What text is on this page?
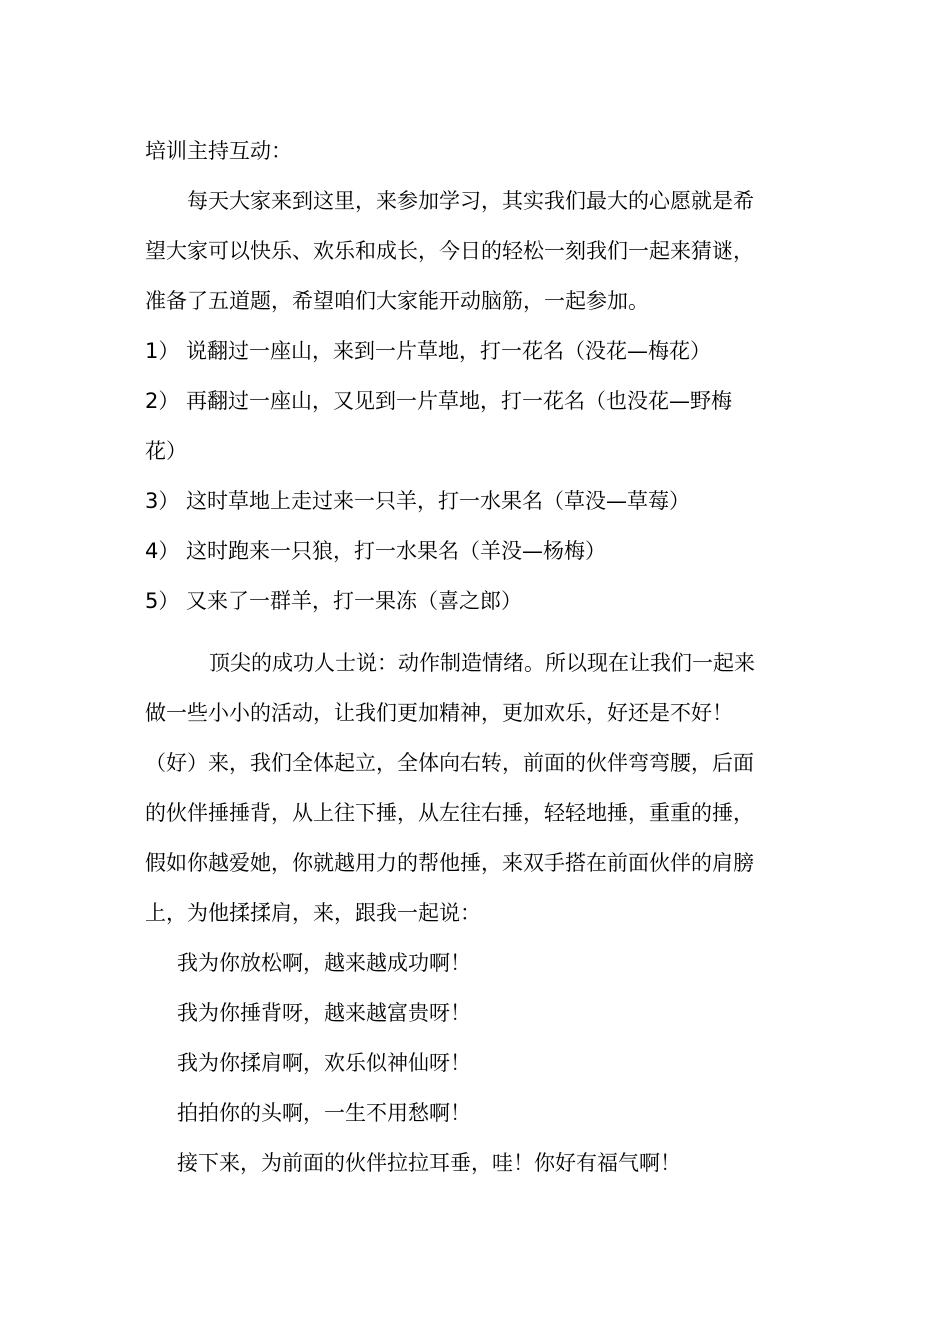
培训主持互动：
每天大家来到这里，来参加学习，其实我们最大的心愿就是希
望大家可以快乐、欢乐和成长，今日的轻松一刻我们一起来猜谜，
准备了五道题，希望咱们大家能开动脑筋，一起参加。
1） 说翻过一座山，来到一片草地，打一花名（没花—梅花）
2） 再翻过一座山，又见到一片草地，打一花名（也没花—野梅
花）
3） 这时草地上走过来一只羊，打一水果名（草没—草莓）
4） 这时跑来一只狼，打一水果名（羊没—杨梅）
5） 又来了一群羊，打一果冻（喜之郎）
顶尖的成功人士说：动作制造情绪。所以现在让我们一起来
做一些小小的活动，让我们更加精神，更加欢乐，好还是不好！
（好）来，我们全体起立，全体向右转，前面的伙伴弯弯腰，后面
的伙伴捶捶背，从上往下捶，从左往右捶，轻轻地捶，重重的捶，
假如你越爱她，你就越用力的帮他捶，来双手搭在前面伙伴的肩膀
上，为他揉揉肩，来，跟我一起说：
我为你放松啊，越来越成功啊！
我为你捶背呀，越来越富贵呀！
我为你揉肩啊，欢乐似神仙呀！
拍拍你的头啊，一生不用愁啊！
接下来，为前面的伙伴拉拉耳垂，哇！你好有福气啊！
